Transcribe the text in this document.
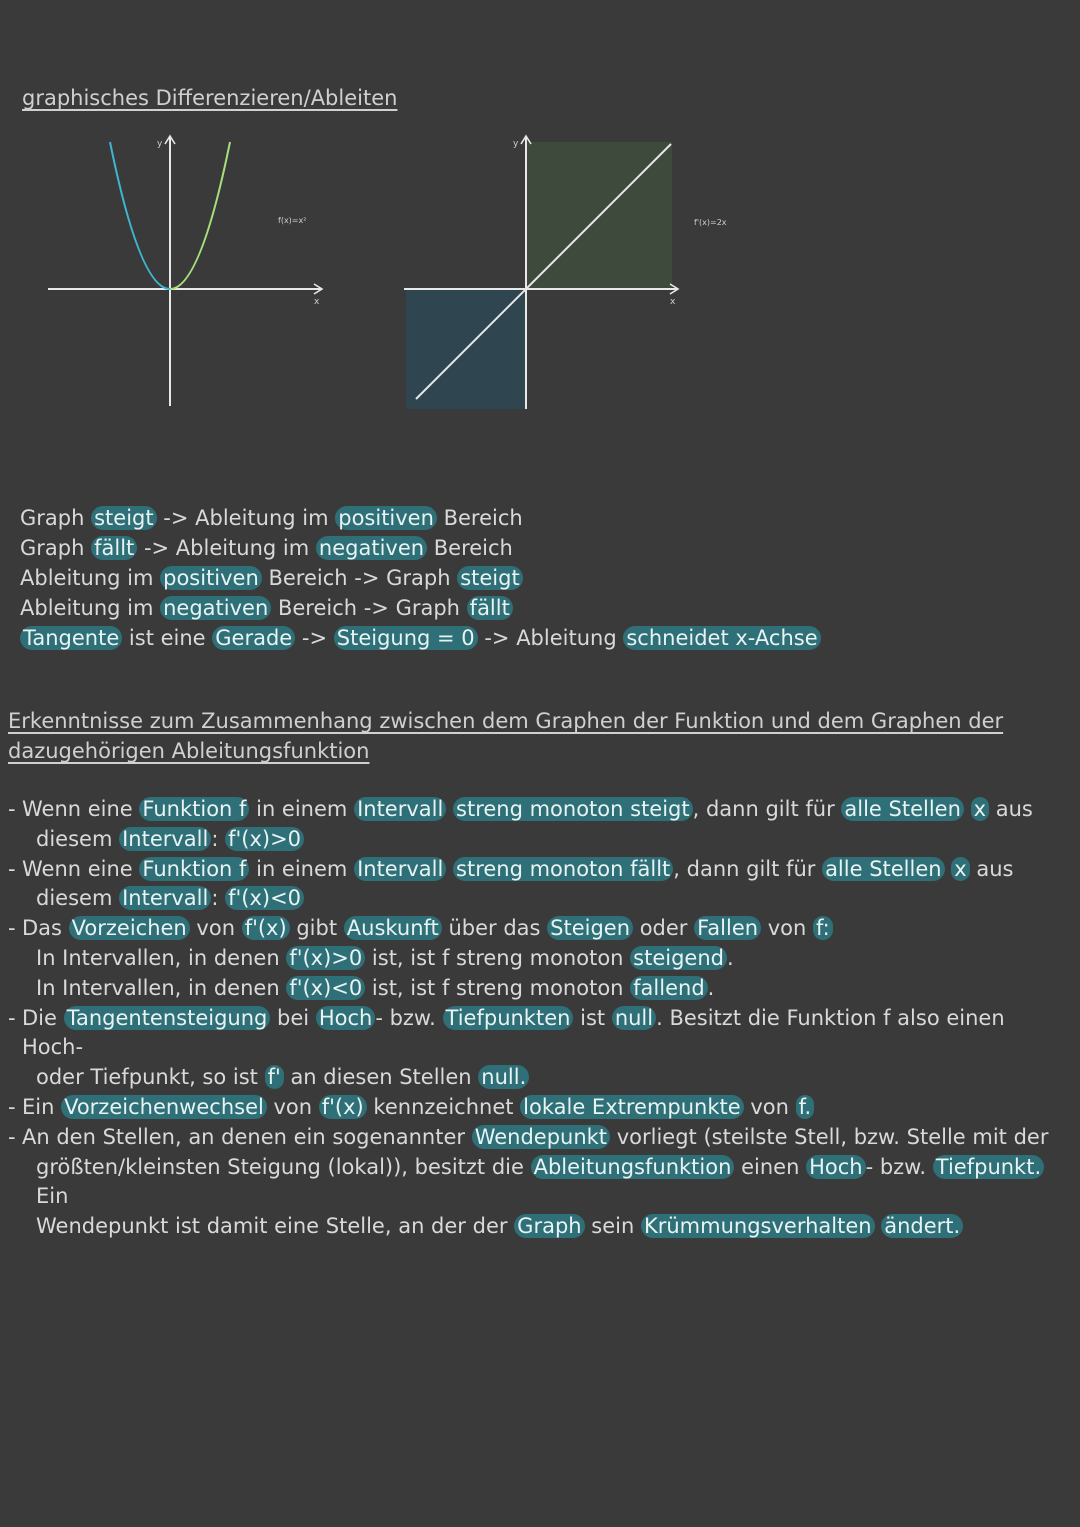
graphisches Differenzieren/Ableiten
y
x
f(x)=x²
y
x
f'(x)=2x
Graph steigt -> Ableitung im positiven Bereich
Graph fällt -> Ableitung im negativen Bereich
Ableitung im positiven Bereich -> Graph steigt
Ableitung im negativen Bereich -> Graph fällt
Tangente ist eine Gerade -> Steigung = 0 -> Ableitung schneidet x-Achse
Erkenntnisse zum Zusammenhang zwischen dem Graphen der Funktion und dem Graphen der dazugehörigen Ableitungsfunktion
- Wenn eine Funktion f in einem Intervall streng monoton steigt , dann gilt für alle Stellen x aus
diesem Intervall : f'(x)>0
- Wenn eine Funktion f in einem Intervall streng monoton fällt , dann gilt für alle Stellen x aus
diesem Intervall : f'(x)<0
- Das Vorzeichen von f'(x) gibt Auskunft über das Steigen oder Fallen von f:
In Intervallen, in denen f'(x)>0 ist, ist f streng monoton steigend .
In Intervallen, in denen f'(x)<0 ist, ist f streng monoton fallend .
- Die Tangentensteigung bei Hoch - bzw. Tiefpunkten ist null . Besitzt die Funktion f also einen Hoch-
oder Tiefpunkt, so ist f' an diesen Stellen null.
- Ein Vorzeichenwechsel von f'(x) kennzeichnet lokale Extrempunkte von f.
- An den Stellen, an denen ein sogenannter Wendepunkt vorliegt (steilste Stell, bzw. Stelle mit der
größten/kleinsten Steigung (lokal)), besitzt die Ableitungsfunktion einen Hoch - bzw. Tiefpunkt. Ein
Wendepunkt ist damit eine Stelle, an der der Graph sein Krümmungsverhalten ändert.
